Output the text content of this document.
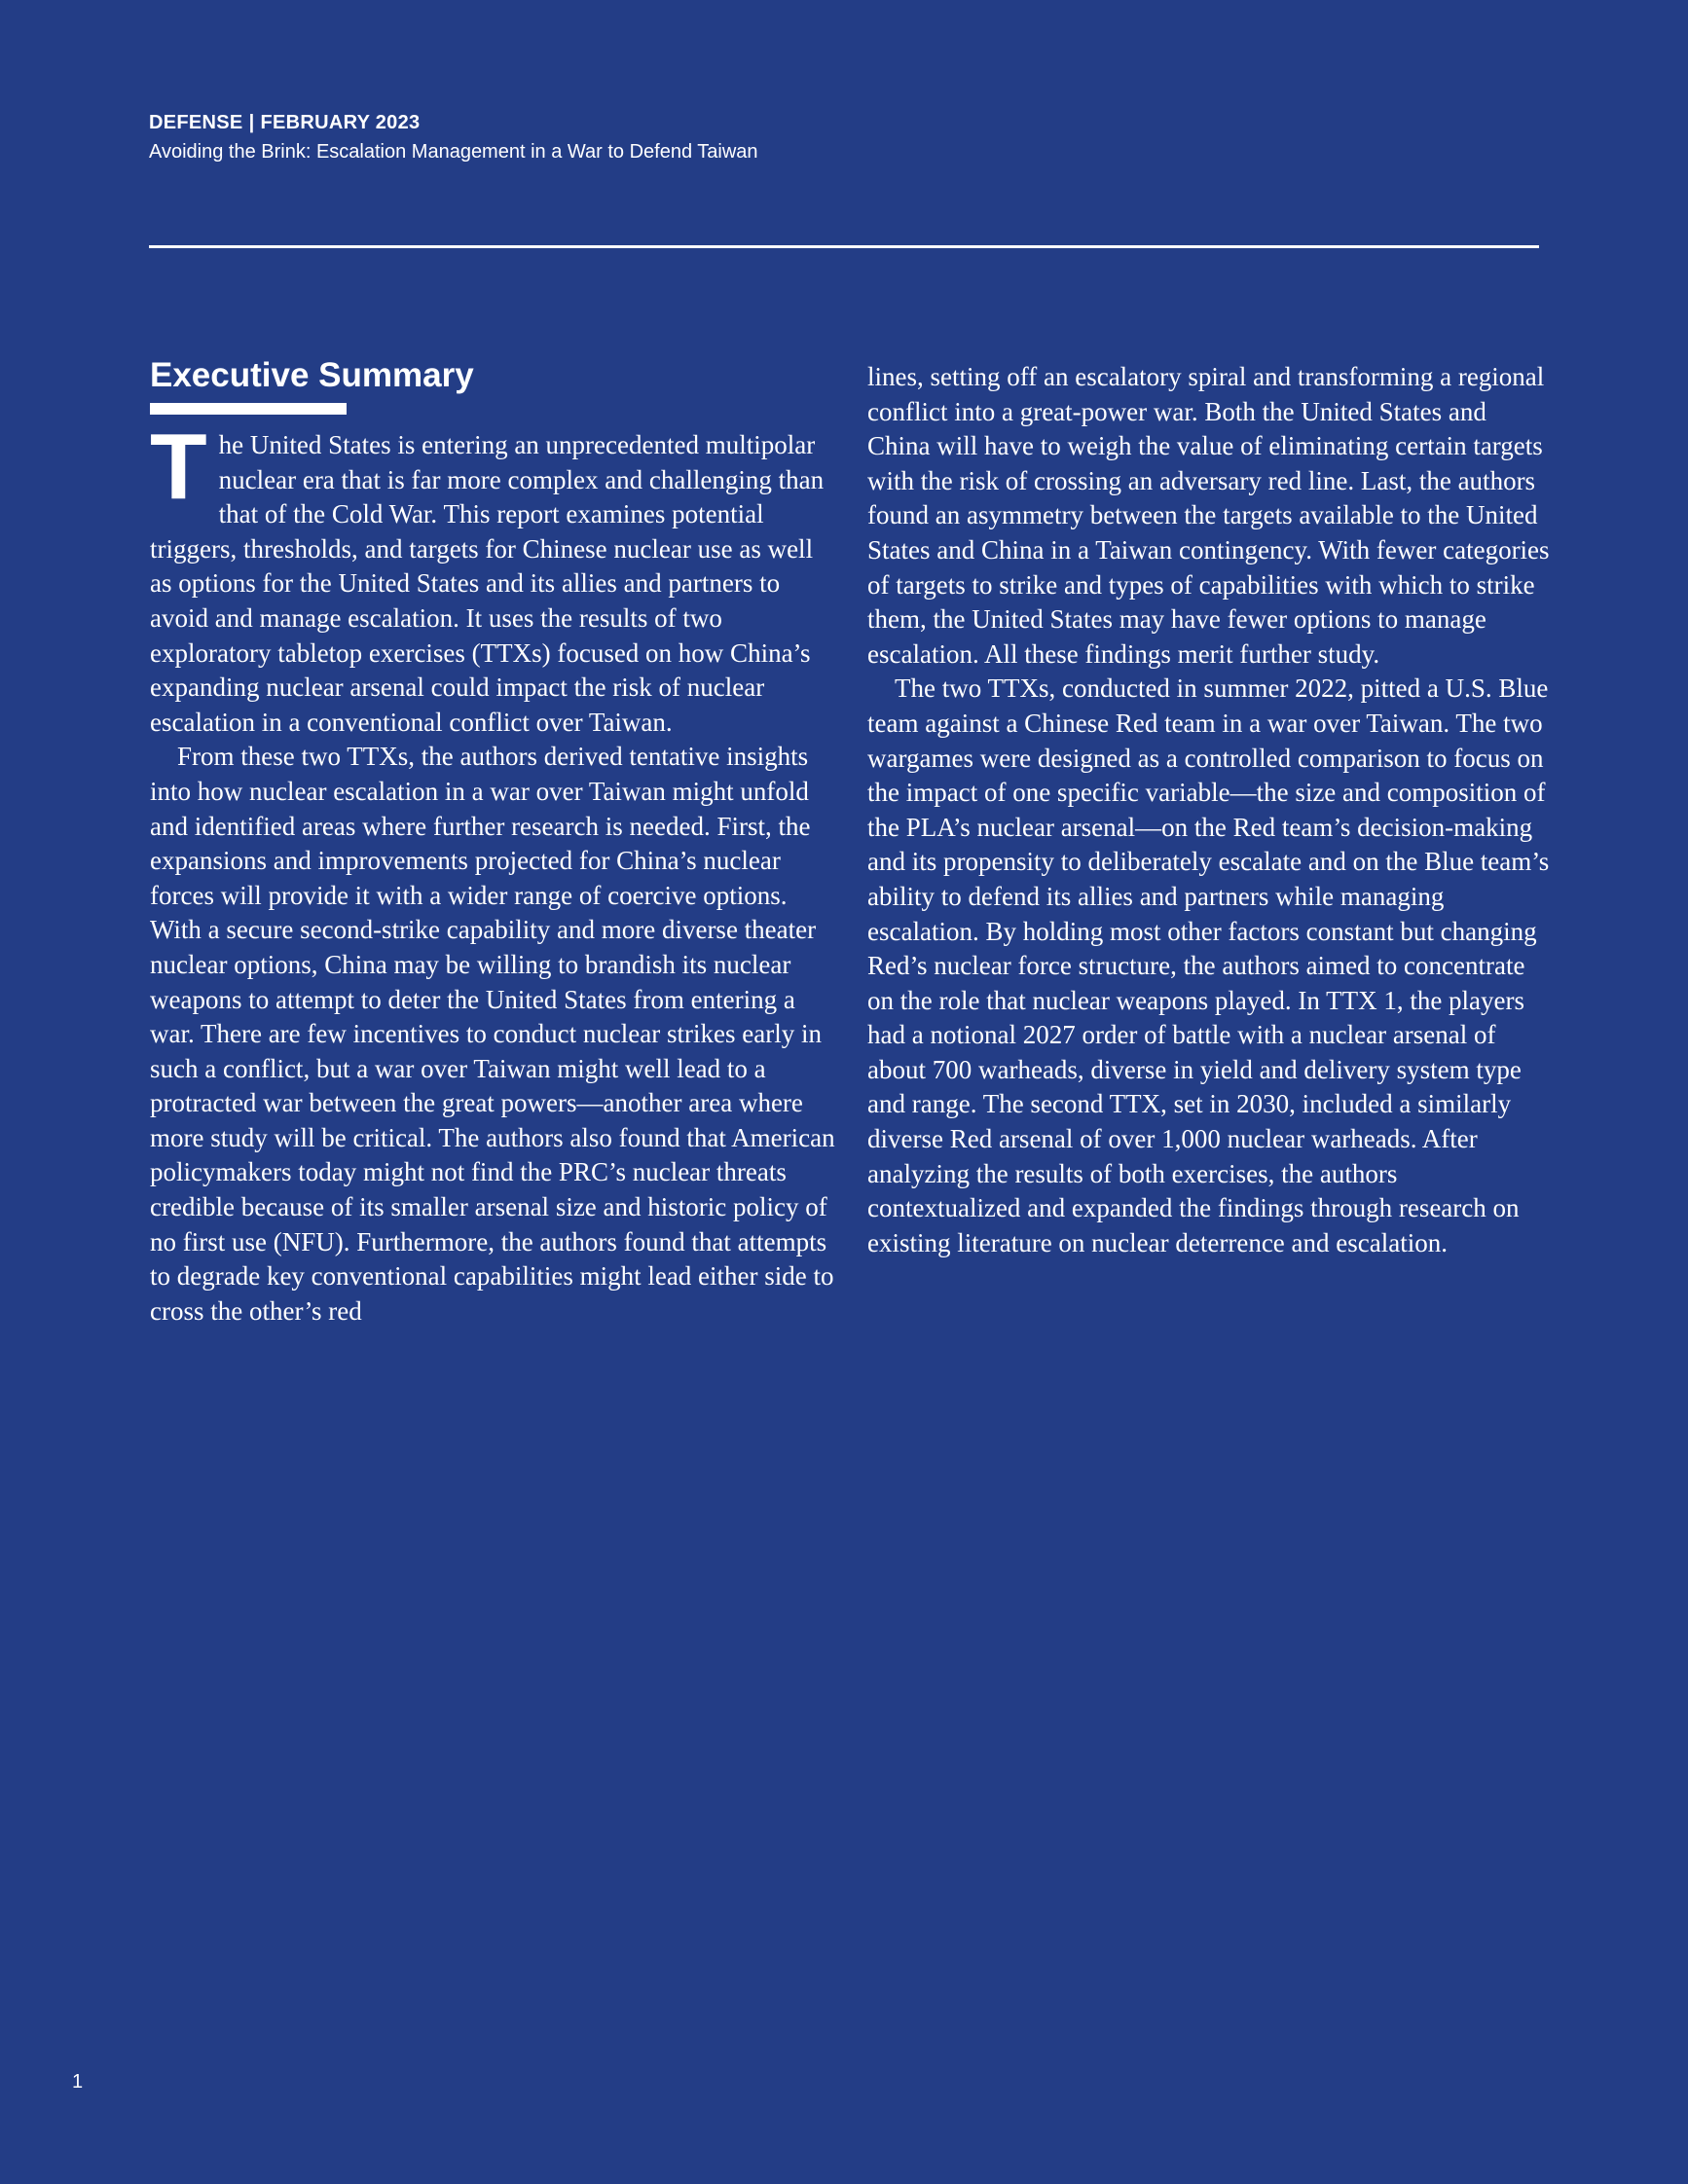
DEFENSE | FEBRUARY 2023
Avoiding the Brink: Escalation Management in a War to Defend Taiwan
Executive Summary

The United States is entering an unprecedented multipolar nuclear era that is far more complex and challenging than that of the Cold War. This report examines potential triggers, thresholds, and targets for Chinese nuclear use as well as options for the United States and its allies and partners to avoid and manage escalation. It uses the results of two exploratory tabletop exercises (TTXs) focused on how China’s expanding nuclear arsenal could impact the risk of nuclear escalation in a conventional conflict over Taiwan.

From these two TTXs, the authors derived tentative insights into how nuclear escalation in a war over Taiwan might unfold and identified areas where further research is needed. First, the expansions and improvements projected for China’s nuclear forces will provide it with a wider range of coercive options. With a secure second-strike capability and more diverse theater nuclear options, China may be willing to brandish its nuclear weapons to attempt to deter the United States from entering a war. There are few incentives to conduct nuclear strikes early in such a conflict, but a war over Taiwan might well lead to a protracted war between the great powers—another area where more study will be critical. The authors also found that American policymakers today might not find the PRC’s nuclear threats credible because of its smaller arsenal size and historic policy of no first use (NFU). Furthermore, the authors found that attempts to degrade key conventional capabilities might lead either side to cross the other’s red

lines, setting off an escalatory spiral and transforming a regional conflict into a great-power war. Both the United States and China will have to weigh the value of eliminating certain targets with the risk of crossing an adversary red line. Last, the authors found an asymmetry between the targets available to the United States and China in a Taiwan contingency. With fewer categories of targets to strike and types of capabilities with which to strike them, the United States may have fewer options to manage escalation. All these findings merit further study.

The two TTXs, conducted in summer 2022, pitted a U.S. Blue team against a Chinese Red team in a war over Taiwan. The two wargames were designed as a controlled comparison to focus on the impact of one specific variable—the size and composition of the PLA’s nuclear arsenal—on the Red team’s decision-making and its propensity to deliberately escalate and on the Blue team’s ability to defend its allies and partners while managing escalation. By holding most other factors constant but changing Red’s nuclear force structure, the authors aimed to concentrate on the role that nuclear weapons played. In TTX 1, the players had a notional 2027 order of battle with a nuclear arsenal of about 700 warheads, diverse in yield and delivery system type and range. The second TTX, set in 2030, included a similarly diverse Red arsenal of over 1,000 nuclear warheads. After analyzing the results of both exercises, the authors contextualized and expanded the findings through research on existing literature on nuclear deterrence and escalation.

1
